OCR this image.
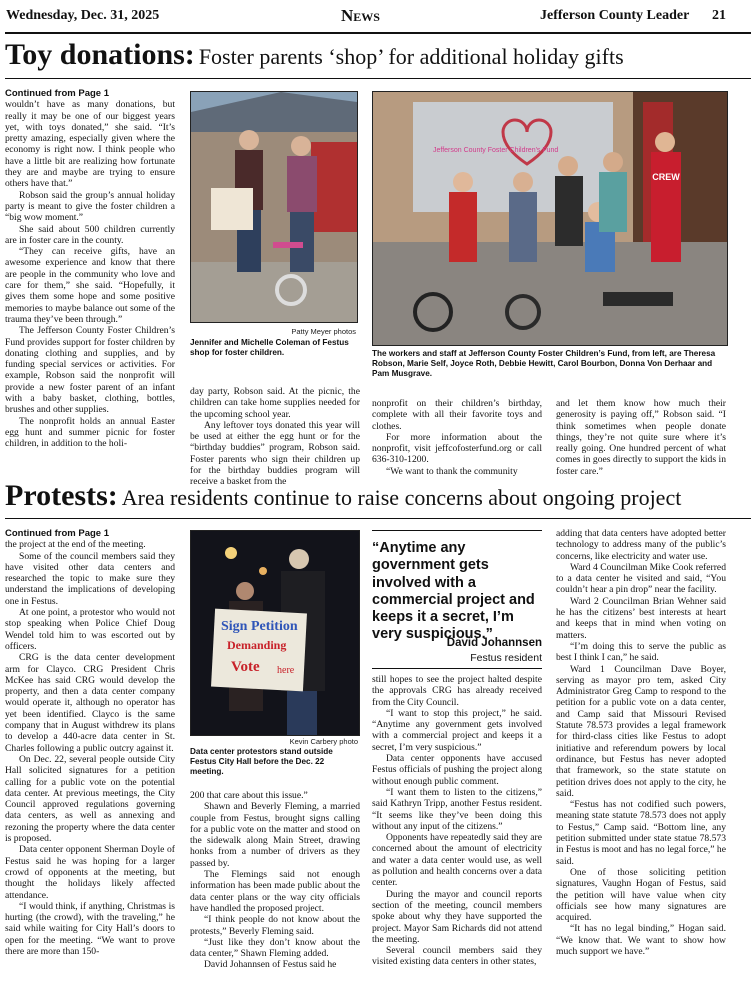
Wednesday, Dec. 31, 2025	News	Jefferson County Leader 21
Toy donations: Foster parents ‘shop’ for additional holiday gifts

Continued from Page 1

wouldn’t have as many donations, but really it may be one of our biggest years yet, with toys donated,” she said. “It’s pretty amazing, especially given where the economy is right now. I think people who have a little bit are realizing how fortunate they are and maybe are trying to ensure others have that.”

Robson said the group’s annual holiday party is meant to give the foster children a “big wow moment.”

She said about 500 children currently are in foster care in the county.

“They can receive gifts, have an awesome experience and know that there are people in the community who love and care for them,” she said. “Hopefully, it gives them some hope and some positive memories to maybe balance out some of the trauma they’ve been through.”

The Jefferson County Foster Children’s Fund provides support for foster children by donating clothing and supplies, and by funding special services or activities. For example, Robson said the nonprofit will provide a new foster parent of an infant with a baby basket, clothing, bottles, brushes and other supplies.

The nonprofit holds an annual Easter egg hunt and summer picnic for foster children, in addition to the holi-

Patty Meyer photos
Jennifer and Michelle Coleman of Festus shop for foster children.
CREW
Jefferson County Foster Children's Fund
The workers and staff at Jefferson County Foster Children’s Fund, from left, are Theresa Robson, Marie Self, Joyce Roth, Debbie Hewitt, Carol Bourbon, Donna Von Derhaar and Pam Musgrave.

day party, Robson said. At the picnic, the children can take home supplies needed for the upcoming school year.

Any leftover toys donated this year will be used at either the egg hunt or for the “birthday buddies” program, Robson said. Foster parents who sign their children up for the birthday buddies program will receive a basket from the

nonprofit on their children’s birthday, complete with all their favorite toys and clothes.

For more information about the nonprofit, visit jeffcofosterfund.org or call 636-310-1200.

“We want to thank the community

and let them know how much their generosity is paying off,” Robson said. “I think sometimes when people donate things, they’re not quite sure where it’s really going. One hundred percent of what comes in goes directly to support the kids in foster care.”

Protests: Area residents continue to raise concerns about ongoing project

Continued from Page 1

the project at the end of the meeting.

Some of the council members said they have visited other data centers and researched the topic to make sure they understand the implications of developing one in Festus.

At one point, a protestor who would not stop speaking when Police Chief Doug Wendel told him to was escorted out by officers.

CRG is the data center development arm for Clayco. CRG President Chris McKee has said CRG would develop the property, and then a data center company would operate it, although no operator has yet been identified. Clayco is the same company that in August withdrew its plans to develop a 440-acre data center in St. Charles following a public outcry against it.

On Dec. 22, several people outside City Hall solicited signatures for a petition calling for a public vote on the potential data center. At previous meetings, the City Council approved regulations governing data centers, as well as annexing and rezoning the property where the data center is proposed.

Data center opponent Sherman Doyle of Festus said he was hoping for a larger crowd of opponents at the meeting, but thought the holidays likely affected attendance.

“I would think, if anything, Christmas is hurting (the crowd), with the traveling,” he said while waiting for City Hall’s doors to open for the meeting. “We want to prove there are more than 150-

Sign Petition
Demanding
Vote here
Kevin Carbery photo
Data center protestors stand outside Festus City Hall before the Dec. 22 meeting.

200 that care about this issue.”

Shawn and Beverly Fleming, a married couple from Festus, brought signs calling for a public vote on the matter and stood on the sidewalk along Main Street, drawing honks from a number of drivers as they passed by.

The Flemings said not enough information has been made public about the data center plans or the way city officials have handled the proposed project.

“I think people do not know about the protests,” Beverly Fleming said.

“Just like they don’t know about the data center,” Shawn Fleming added.

David Johannsen of Festus said he

“Anytime any government gets involved with a commercial project and keeps it a secret, I’m very suspicious.”
David Johannsen
Festus resident

still hopes to see the project halted despite the approvals CRG has already received from the City Council.

“I want to stop this project,” he said. “Anytime any government gets involved with a commercial project and keeps it a secret, I’m very suspicious.”

Data center opponents have accused Festus officials of pushing the project along without enough public comment.

“I want them to listen to the citizens,” said Kathryn Tripp, another Festus resident. “It seems like they’ve been doing this without any input of the citizens.”

Opponents have repeatedly said they are concerned about the amount of electricity and water a data center would use, as well as pollution and health concerns over a data center.

During the mayor and council reports section of the meeting, council members spoke about why they have supported the project. Mayor Sam Richards did not attend the meeting.

Several council members said they visited existing data centers in other states,

adding that data centers have adopted better technology to address many of the public’s concerns, like electricity and water use.

Ward 4 Councilman Mike Cook referred to a data center he visited and said, “You couldn’t hear a pin drop” near the facility.

Ward 2 Councilman Brian Wehner said he has the citizens’ best interests at heart and keeps that in mind when voting on matters.

“I’m doing this to serve the public as best I think I can,” he said.

Ward 1 Councilman Dave Boyer, serving as mayor pro tem, asked City Administrator Greg Camp to respond to the petition for a public vote on a data center, and Camp said that Missouri Revised Statute 78.573 provides a legal framework for third-class cities like Festus to adopt initiative and referendum powers by local ordinance, but Festus has never adopted that framework, so the state statute on petition drives does not apply to the city, he said.

“Festus has not codified such powers, meaning state statute 78.573 does not apply to Festus,” Camp said. “Bottom line, any petition submitted under state statue 78.573 in Festus is moot and has no legal force,” he said.

One of those soliciting petition signatures, Vaughn Hogan of Festus, said the petition will have value when city officials see how many signatures are acquired.

“It has no legal binding,” Hogan said. “We know that. We want to show how much support we have.”
